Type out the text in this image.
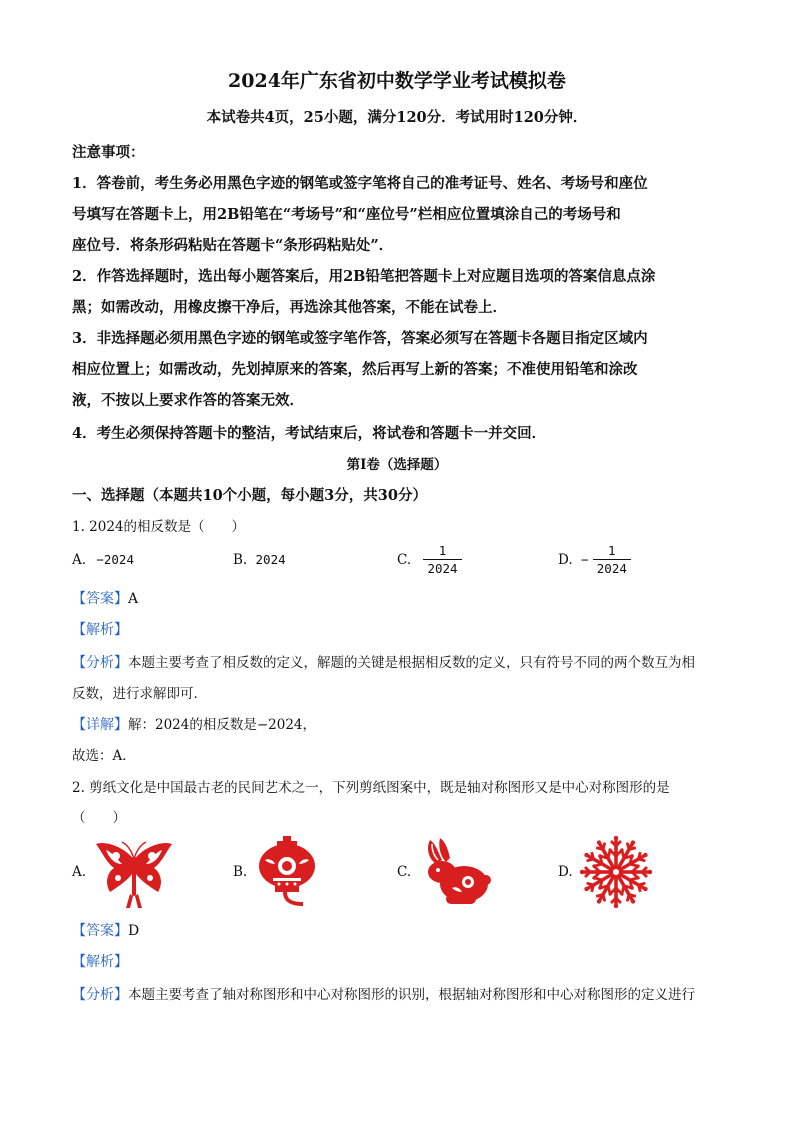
2024年广东省初中数学学业考试模拟卷
本试卷共4页，25小题，满分120分．考试用时120分钟．
注意事项：
1．答卷前，考生务必用黑色字迹的钢笔或签字笔将自己的准考证号、姓名、考场号和座位
号填写在答题卡上，用2B铅笔在“考场号”和“座位号”栏相应位置填涂自己的考场号和
座位号．将条形码粘贴在答题卡“条形码粘贴处”．
2．作答选择题时，选出每小题答案后，用2B铅笔把答题卡上对应题目选项的答案信息点涂
黑；如需改动，用橡皮擦干净后，再选涂其他答案，不能在试卷上．
3．非选择题必须用黑色字迹的钢笔或签字笔作答，答案必须写在答题卡各题目指定区域内
相应位置上；如需改动，先划掉原来的答案，然后再写上新的答案；不准使用铅笔和涂改
液，不按以上要求作答的答案无效．
4．考生必须保持答题卡的整洁，考试结束后，将试卷和答题卡一并交回．
第Ⅰ卷（选择题）
一、选择题（本题共10个小题，每小题3分，共30分）
1. 2024的相反数是（　　）
A. −2024	B. 2024	C. $\frac{1}{2024}$	D. − $\frac{1}{2024}$
【答案】A
【解析】
【分析】本题主要考查了相反数的定义，解题的关键是根据相反数的定义，只有符号不同的两个数互为相
反数，进行求解即可．
【详解】解：2024的相反数是−2024，
故选：A．
2. 剪纸文化是中国最古老的民间艺术之一，下列剪纸图案中，既是轴对称图形又是中心对称图形的是
（　　）
A.	B.	C.	D.
【答案】D
【解析】
【分析】本题主要考查了轴对称图形和中心对称图形的识别，根据轴对称图形和中心对称图形的定义进行
